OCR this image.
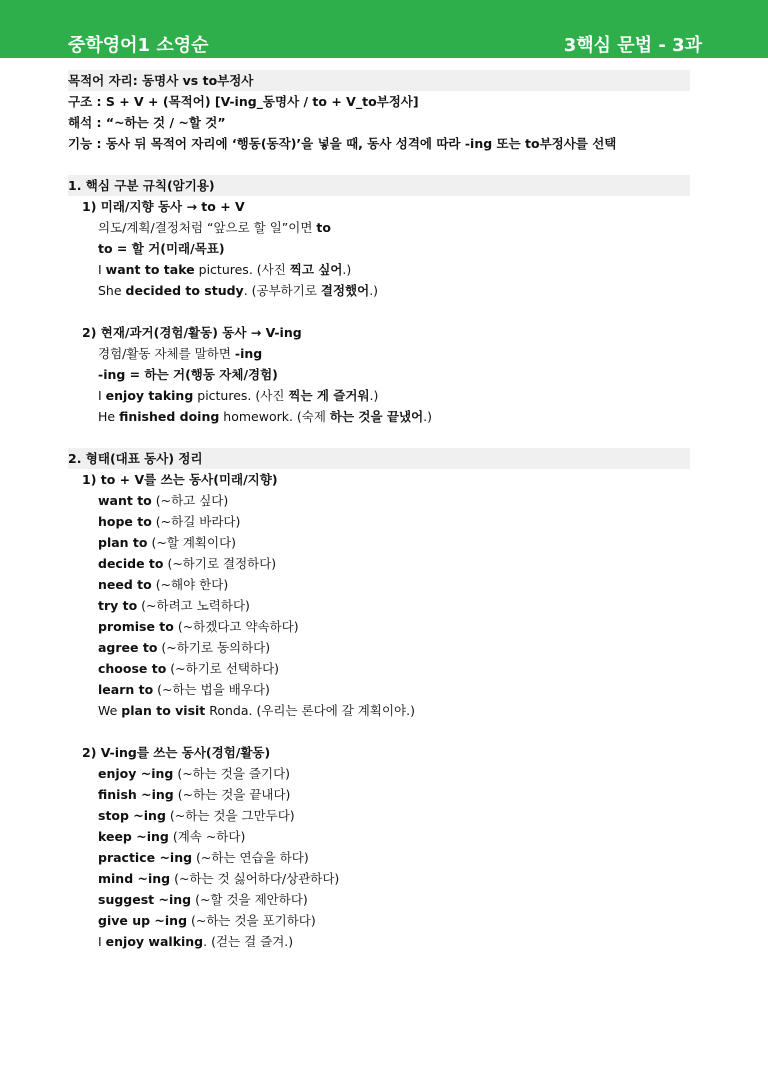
중학영어1 소영순	3핵심 문법 - 3과
목적어 자리: 동명사 vs to부정사
구조 : S + V + (목적어) [V-ing_동명사 / to + V_to부정사]
해석 : “~하는 것 / ~할 것”
기능 : 동사 뒤 목적어 자리에 ‘행동(동작)’을 넣을 때, 동사 성격에 따라 -ing 또는 to부정사를 선택
1. 핵심 구분 규칙(암기용)
1) 미래/지향 동사 → to + V
의도/계획/결정처럼 “앞으로 할 일”이면 to
to = 할 거(미래/목표)
I want to take pictures. (사진 찍고 싶어.)
She decided to study. (공부하기로 결정했어.)
2) 현재/과거(경험/활동) 동사 → V-ing
경험/활동 자체를 말하면 -ing
-ing = 하는 거(행동 자체/경험)
I enjoy taking pictures. (사진 찍는 게 즐거워.)
He finished doing homework. (숙제 하는 것을 끝냈어.)
2. 형태(대표 동사) 정리
1) to + V를 쓰는 동사(미래/지향)
want to (~하고 싶다)
hope to (~하길 바라다)
plan to (~할 계획이다)
decide to (~하기로 결정하다)
need to (~해야 한다)
try to (~하려고 노력하다)
promise to (~하겠다고 약속하다)
agree to (~하기로 동의하다)
choose to (~하기로 선택하다)
learn to (~하는 법을 배우다)
We plan to visit Ronda. (우리는 론다에 갈 계획이야.)
2) V-ing를 쓰는 동사(경험/활동)
enjoy ~ing (~하는 것을 즐기다)
finish ~ing (~하는 것을 끝내다)
stop ~ing (~하는 것을 그만두다)
keep ~ing (계속 ~하다)
practice ~ing (~하는 연습을 하다)
mind ~ing (~하는 것 싫어하다/상관하다)
suggest ~ing (~할 것을 제안하다)
give up ~ing (~하는 것을 포기하다)
I enjoy walking. (걷는 걸 즐겨.)
